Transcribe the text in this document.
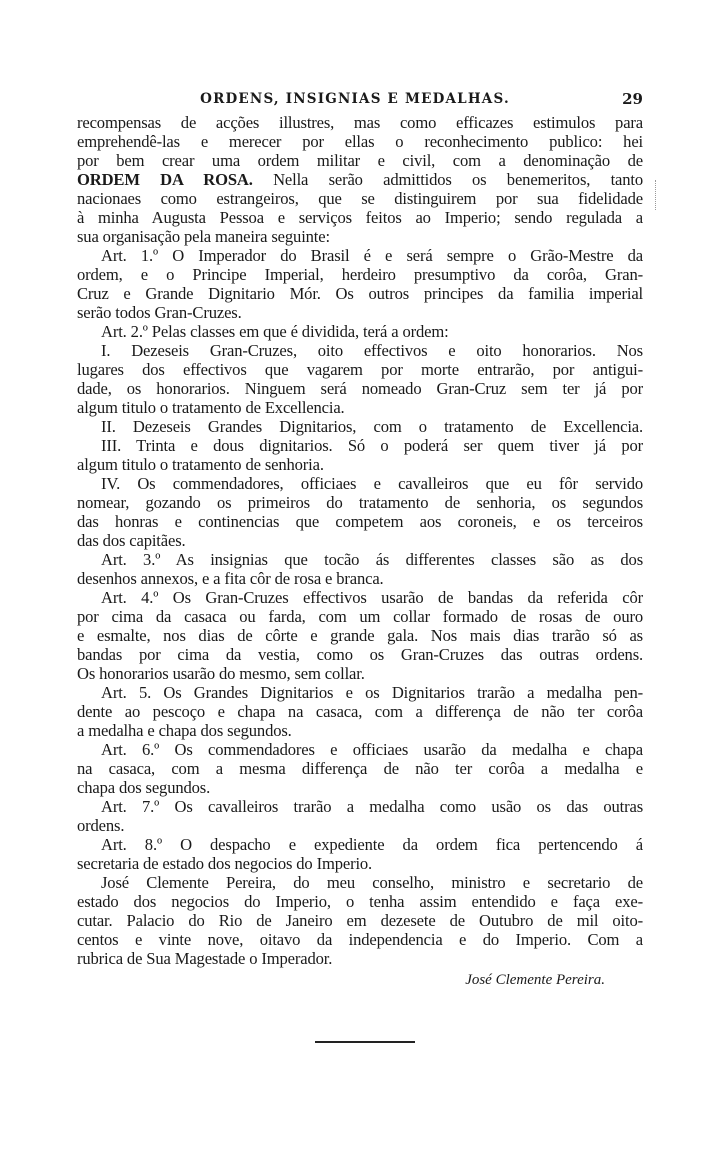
ORDENS, INSIGNIAS E MEDALHAS.	29
recompensas de acções illustres, mas como efficazes estimulos para
emprehendê-las e merecer por ellas o reconhecimento publico: hei
por bem crear uma ordem militar e civil, com a denominação de
ORDEM DA ROSA. Nella serão admittidos os benemeritos, tanto
nacionaes como estrangeiros, que se distinguirem por sua fidelidade
à minha Augusta Pessoa e serviços feitos ao Imperio; sendo regulada a
sua organisação pela maneira seguinte:
Art. 1.º O Imperador do Brasil é e será sempre o Grão-Mestre da
ordem, e o Principe Imperial, herdeiro presumptivo da corôa, Gran-
Cruz e Grande Dignitario Mór. Os outros principes da familia imperial
serão todos Gran-Cruzes.
Art. 2.º Pelas classes em que é dividida, terá a ordem:
I. Dezeseis Gran-Cruzes, oito effectivos e oito honorarios. Nos
lugares dos effectivos que vagarem por morte entrarão, por antigui-
dade, os honorarios. Ninguem será nomeado Gran-Cruz sem ter já por
algum titulo o tratamento de Excellencia.
II. Dezeseis Grandes Dignitarios, com o tratamento de Excellencia.
III. Trinta e dous dignitarios. Só o poderá ser quem tiver já por
algum titulo o tratamento de senhoria.
IV. Os commendadores, officiaes e cavalleiros que eu fôr servido
nomear, gozando os primeiros do tratamento de senhoria, os segundos
das honras e continencias que competem aos coroneis, e os terceiros
das dos capitães.
Art. 3.º As insignias que tocão ás differentes classes são as dos
desenhos annexos, e a fita côr de rosa e branca.
Art. 4.º Os Gran-Cruzes effectivos usarão de bandas da referida côr
por cima da casaca ou farda, com um collar formado de rosas de ouro
e esmalte, nos dias de côrte e grande gala. Nos mais dias trarão só as
bandas por cima da vestia, como os Gran-Cruzes das outras ordens.
Os honorarios usarão do mesmo, sem collar.
Art. 5. Os Grandes Dignitarios e os Dignitarios trarão a medalha pen-
dente ao pescoço e chapa na casaca, com a differença de não ter corôa
a medalha e chapa dos segundos.
Art. 6.º Os commendadores e officiaes usarão da medalha e chapa
na casaca, com a mesma differença de não ter corôa a medalha e
chapa dos segundos.
Art. 7.º Os cavalleiros trarão a medalha como usão os das outras
ordens.
Art. 8.º O despacho e expediente da ordem fica pertencendo á
secretaria de estado dos negocios do Imperio.
José Clemente Pereira, do meu conselho, ministro e secretario de
estado dos negocios do Imperio, o tenha assim entendido e faça exe-
cutar. Palacio do Rio de Janeiro em dezesete de Outubro de mil oito-
centos e vinte nove, oitavo da independencia e do Imperio. Com a
rubrica de Sua Magestade o Imperador.
José Clemente Pereira.
